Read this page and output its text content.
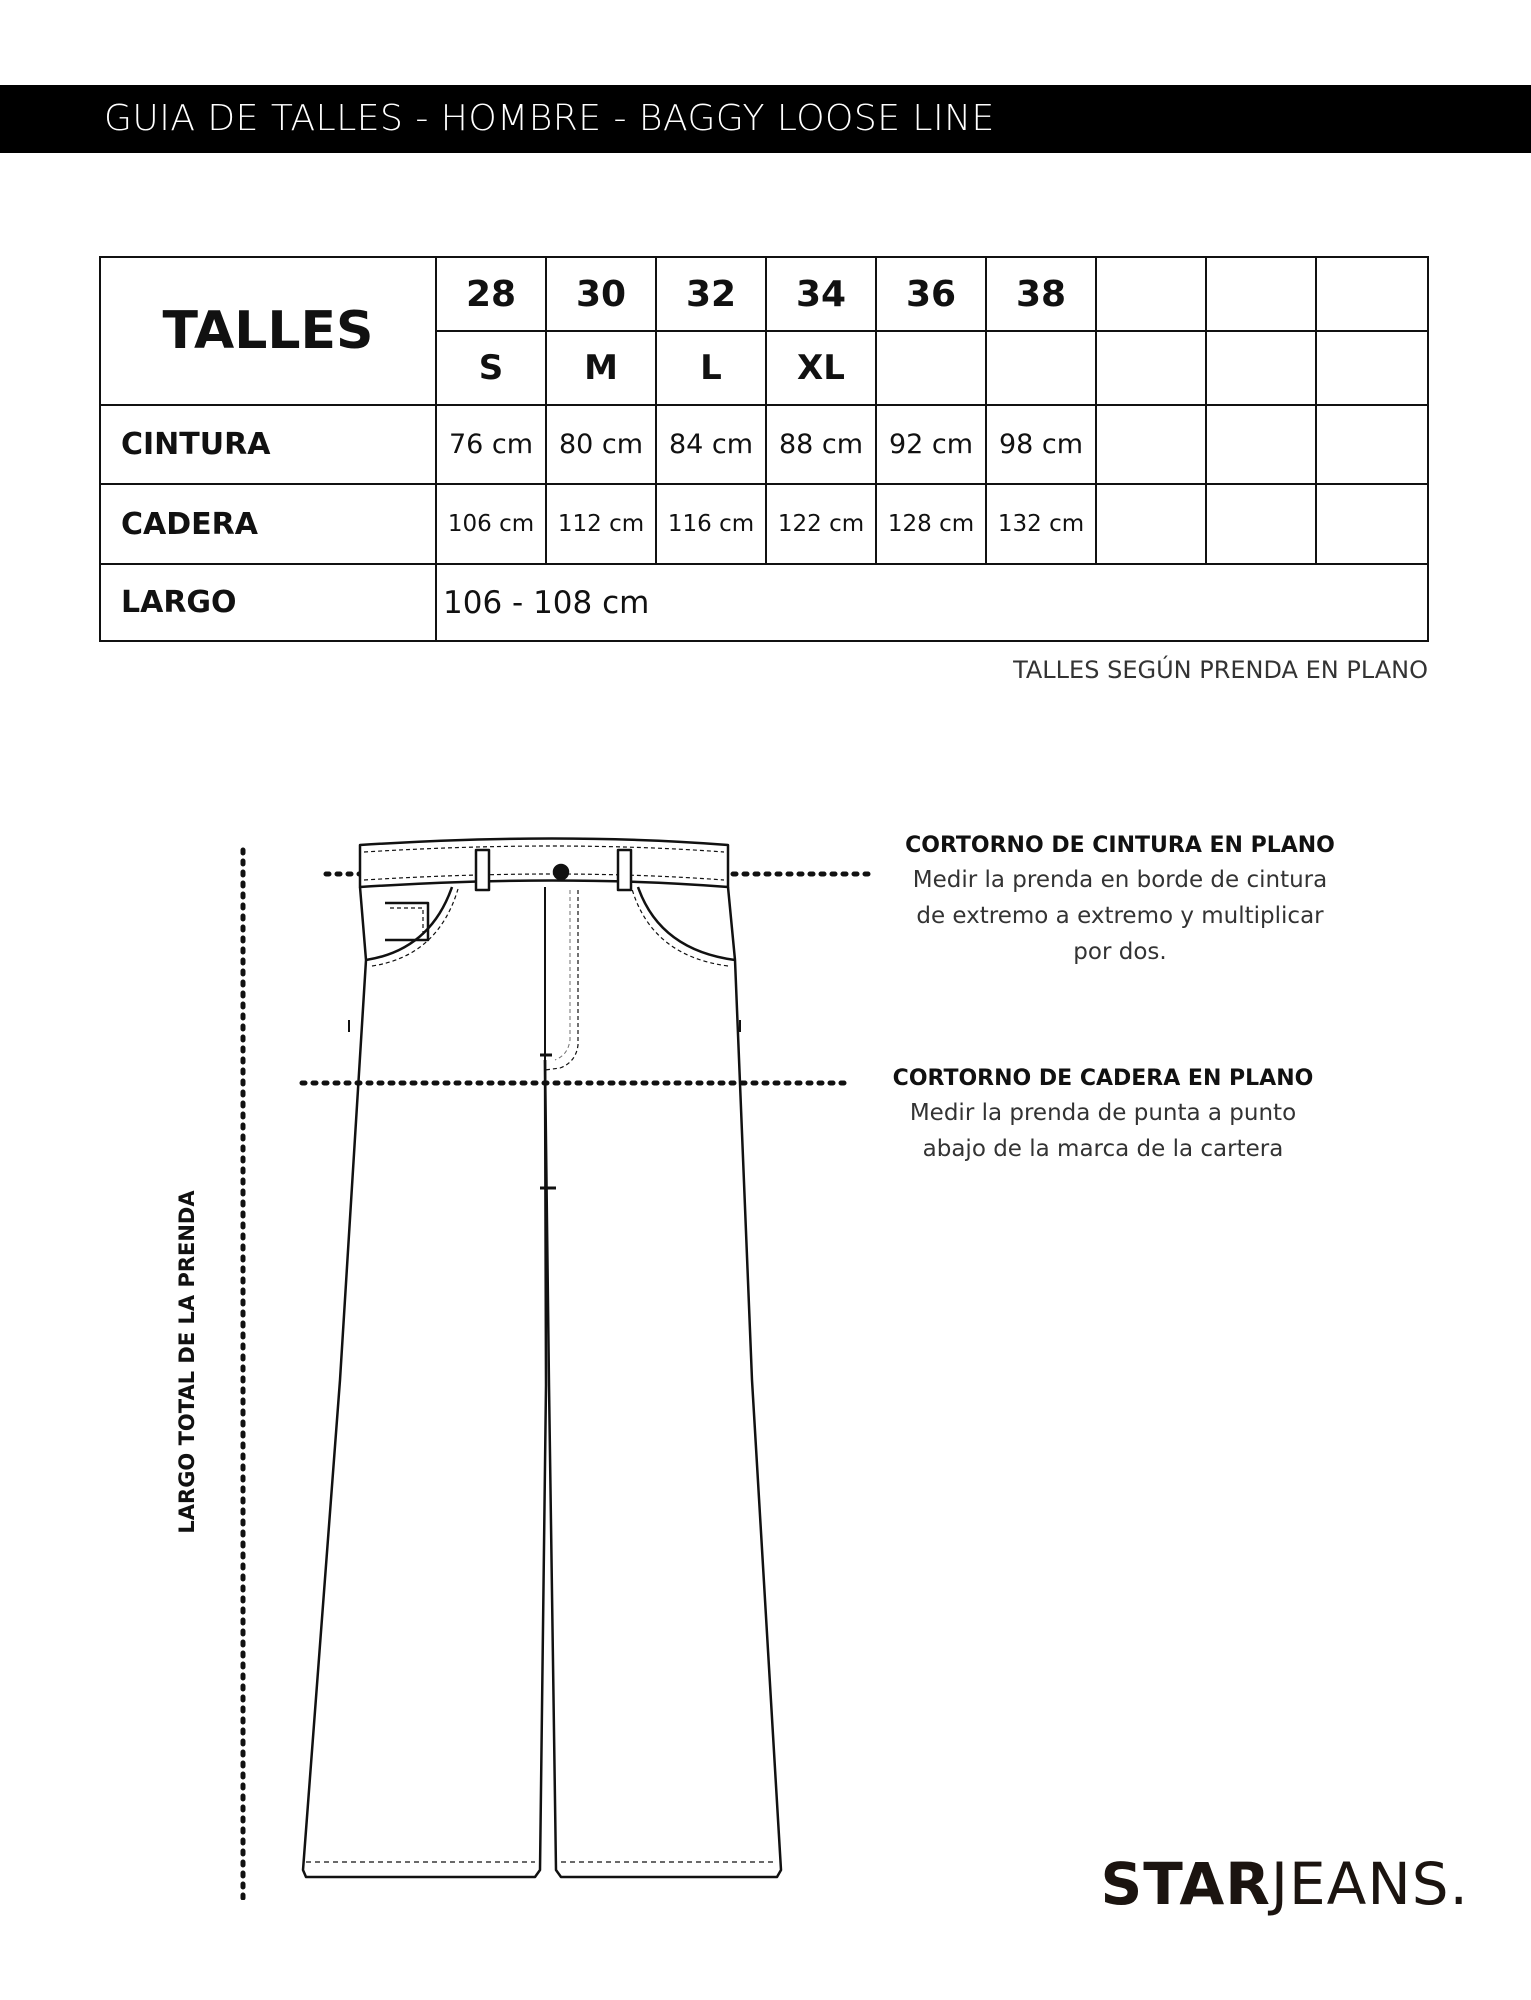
GUIA DE TALLES - HOMBRE - BAGGY LOOSE LINE
TALLES	28	30	32	34	36	38			
	S	M	L	XL					
CINTURA	76 cm	80 cm	84 cm	88 cm	92 cm	98 cm			
CADERA	106 cm	112 cm	116 cm	122 cm	128 cm	132 cm			
LARGO	106 - 108 cm								
TALLES SEGÚN PRENDA EN PLANO
LARGO TOTAL DE LA PRENDA
CORTORNO DE CINTURA EN PLANO
Medir la prenda en borde de cintura
de extremo a extremo y multiplicar
por dos.
CORTORNO DE CADERA EN PLANO
Medir la prenda de punta a punto
abajo de la marca de la cartera
STARJEANS.
